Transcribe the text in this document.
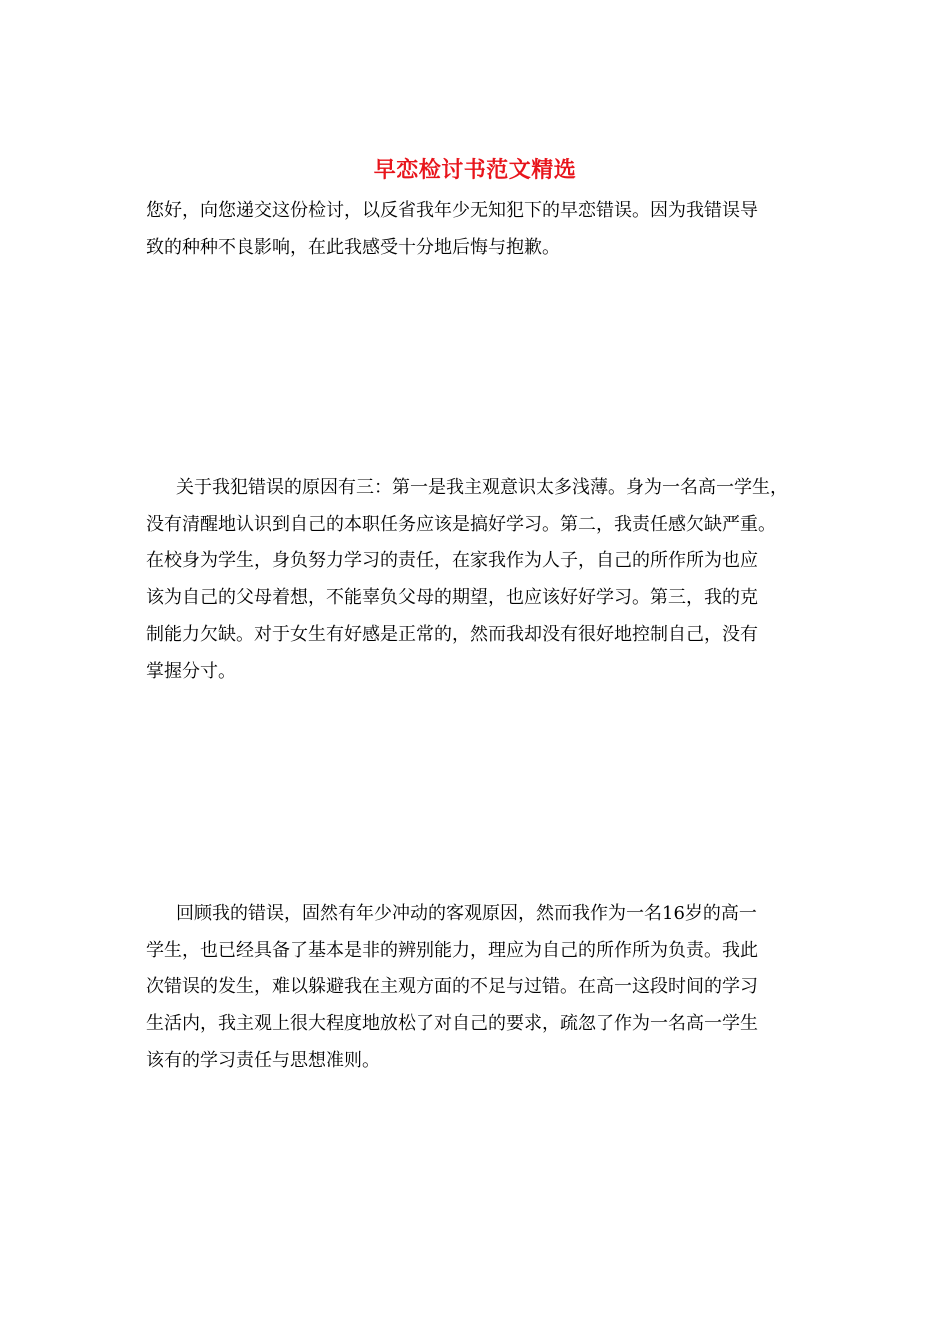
早恋检讨书范文精选
您好，向您递交这份检讨，以反省我年少无知犯下的早恋错误。因为我错误导
致的种种不良影响，在此我感受十分地后悔与抱歉。
关于我犯错误的原因有三：第一是我主观意识太多浅薄。身为一名高一学生，
没有清醒地认识到自己的本职任务应该是搞好学习。第二，我责任感欠缺严重。
在校身为学生，身负努力学习的责任，在家我作为人子，自己的所作所为也应
该为自己的父母着想，不能辜负父母的期望，也应该好好学习。第三，我的克
制能力欠缺。对于女生有好感是正常的，然而我却没有很好地控制自己，没有
掌握分寸。
回顾我的错误，固然有年少冲动的客观原因，然而我作为一名16岁的高一
学生，也已经具备了基本是非的辨别能力，理应为自己的所作所为负责。我此
次错误的发生，难以躲避我在主观方面的不足与过错。在高一这段时间的学习
生活内，我主观上很大程度地放松了对自己的要求，疏忽了作为一名高一学生
该有的学习责任与思想准则。
